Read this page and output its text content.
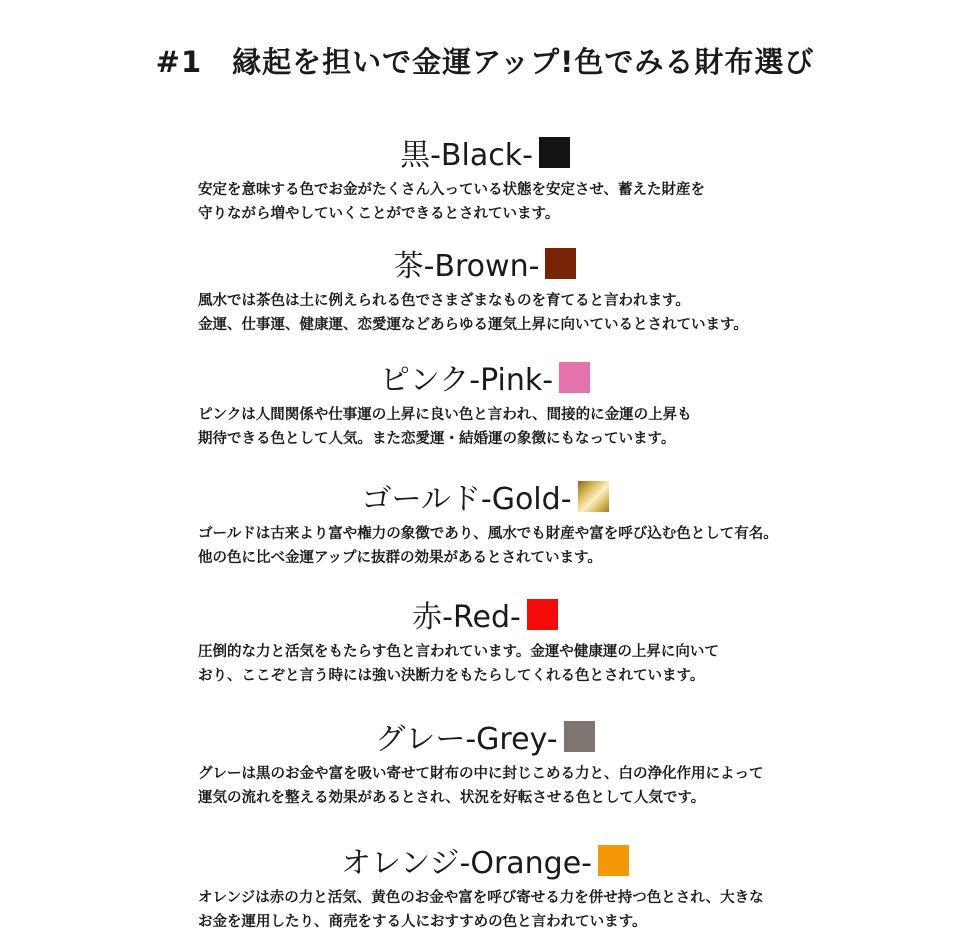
#1　縁起を担いで金運アップ!色でみる財布選び
黒-Black-
安定を意味する色でお金がたくさん入っている状態を安定させ、蓄えた財産を
守りながら増やしていくことができるとされています。
茶-Brown-
風水では茶色は土に例えられる色でさまざまなものを育てると言われます。
金運、仕事運、健康運、恋愛運などあらゆる運気上昇に向いているとされています。
ピンク-Pink-
ピンクは人間関係や仕事運の上昇に良い色と言われ、間接的に金運の上昇も
期待できる色として人気。また恋愛運・結婚運の象徴にもなっています。
ゴールド-Gold-
ゴールドは古来より富や権力の象徴であり、風水でも財産や富を呼び込む色として有名。
他の色に比べ金運アップに抜群の効果があるとされています。
赤-Red-
圧倒的な力と活気をもたらす色と言われています。金運や健康運の上昇に向いて
おり、ここぞと言う時には強い決断力をもたらしてくれる色とされています。
グレー-Grey-
グレーは黒のお金や富を吸い寄せて財布の中に封じこめる力と、白の浄化作用によって
運気の流れを整える効果があるとされ、状況を好転させる色として人気です。
オレンジ-Orange-
オレンジは赤の力と活気、黄色のお金や富を呼び寄せる力を併せ持つ色とされ、大きな
お金を運用したり、商売をする人におすすめの色と言われています。
